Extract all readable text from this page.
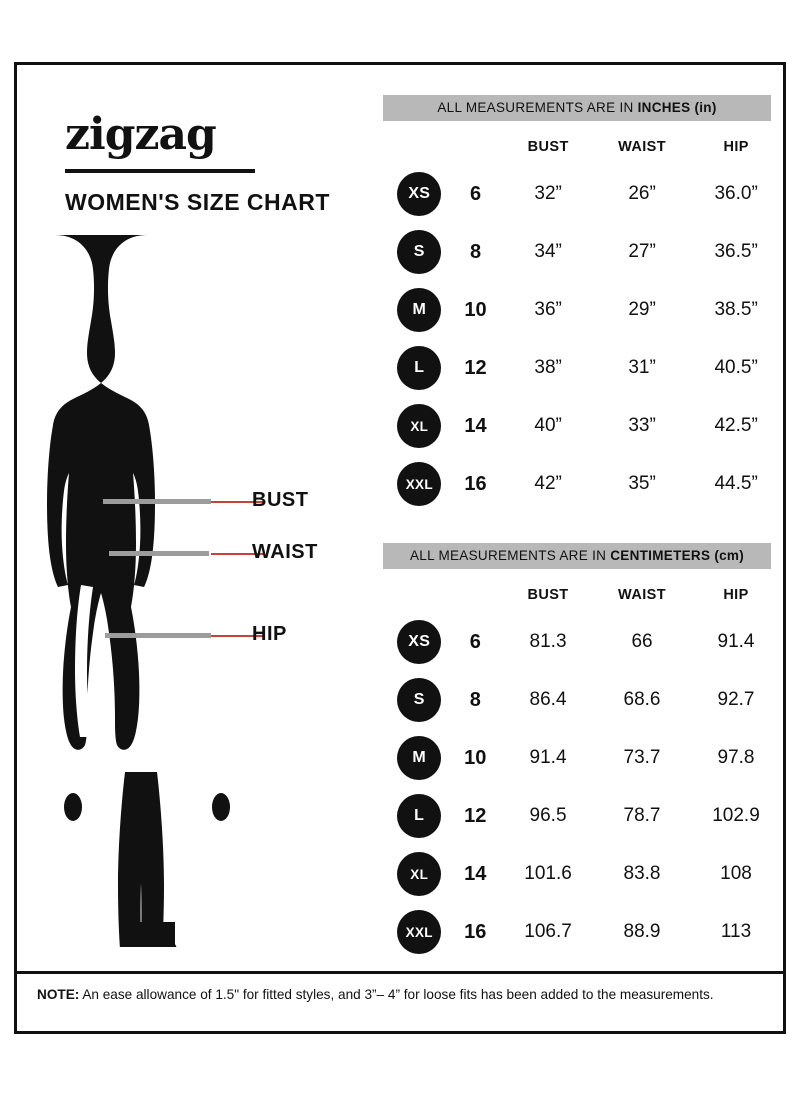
zigzag
WOMEN'S SIZE CHART
BUST
WAIST
HIP
ALL MEASUREMENTS ARE IN INCHES (in)
		BUST	WAIST	HIP
XS	6	32”	26”	36.0”
S	8	34”	27”	36.5”
M	10	36”	29”	38.5”
L	12	38”	31”	40.5”
XL	14	40”	33”	42.5”
XXL	16	42”	35”	44.5”
ALL MEASUREMENTS ARE IN CENTIMETERS (cm)
		BUST	WAIST	HIP
XS	6	81.3	66	91.4
S	8	86.4	68.6	92.7
M	10	91.4	73.7	97.8
L	12	96.5	78.7	102.9
XL	14	101.6	83.8	108
XXL	16	106.7	88.9	113
NOTE: An ease allowance of 1.5" for fitted styles, and 3”– 4” for loose fits has been added to the measurements.
